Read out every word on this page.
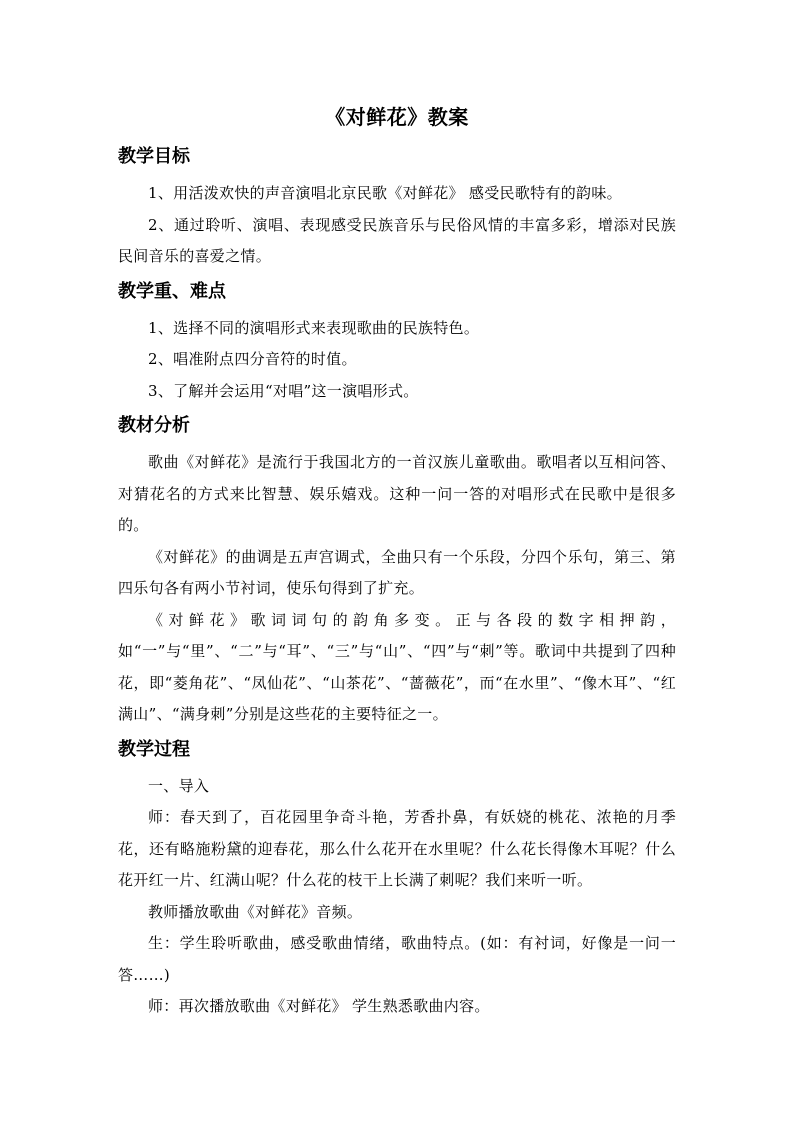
《对鲜花》教案
教学目标

1、用活泼欢快的声音演唱北京民歌《对鲜花》 感受民歌特有的韵味。

2、通过聆听、演唱、表现感受民族音乐与民俗风情的丰富多彩，增添对民族民间音乐的喜爱之情。

教学重、难点

1、选择不同的演唱形式来表现歌曲的民族特色。

2、唱准附点四分音符的时值。

3、了解并会运用“对唱”这一演唱形式。

教材分析

歌曲《对鲜花》是流行于我国北方的一首汉族儿童歌曲。歌唱者以互相问答、对猜花名的方式来比智慧、娱乐嬉戏。这种一问一答的对唱形式在民歌中是很多的。

《对鲜花》的曲调是五声宫调式，全曲只有一个乐段，分四个乐句，第三、第四乐句各有两小节衬词，使乐句得到了扩充。

《对鲜花》歌词词句的韵角多变。正与各段的数字相押韵，如“一”与“里”、“二”与“耳”、“三”与“山”、“四”与“刺”等。歌词中共提到了四种花，即“菱角花”、“凤仙花”、“山茶花”、“蔷薇花”，而“在水里”、“像木耳”、“红满山”、“满身刺”分别是这些花的主要特征之一。

教学过程

一、导入

师：春天到了，百花园里争奇斗艳，芳香扑鼻，有妖娆的桃花、浓艳的月季花，还有略施粉黛的迎春花，那么什么花开在水里呢？什么花长得像木耳呢？什么花开红一片、红满山呢？什么花的枝干上长满了刺呢？我们来听一听。

教师播放歌曲《对鲜花》音频。

生：学生聆听歌曲，感受歌曲情绪，歌曲特点。(如：有衬词，好像是一问一答……)

师：再次播放歌曲《对鲜花》 学生熟悉歌曲内容。
